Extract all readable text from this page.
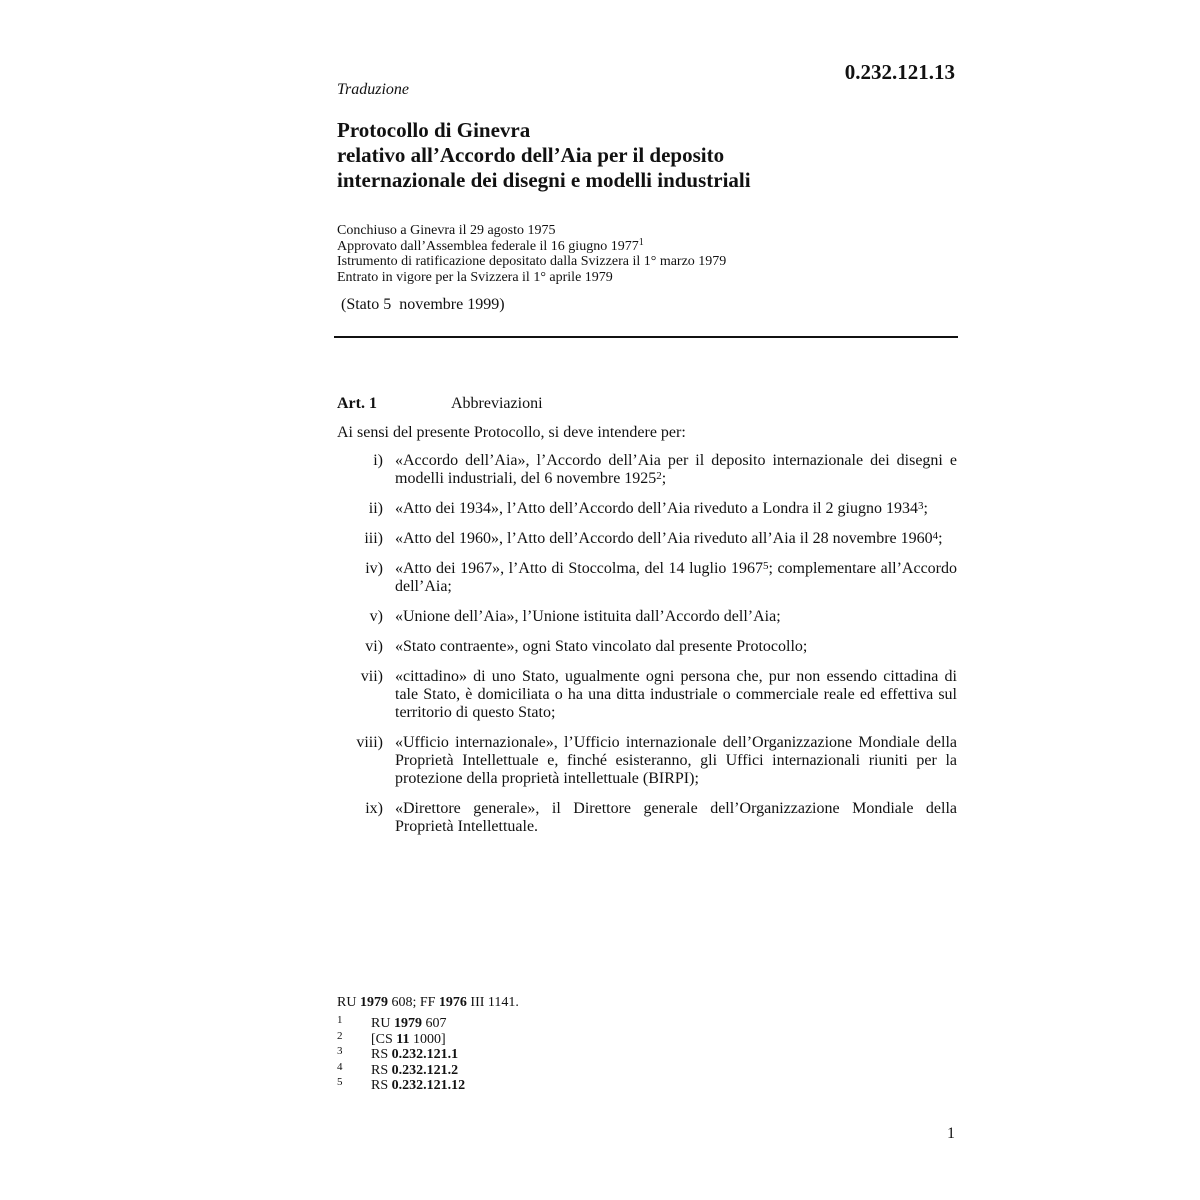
0.232.121.13
Traduzione
Protocollo di Ginevra
relativo all’Accordo dell’Aia per il deposito
internazionale dei disegni e modelli industriali
Conchiuso a Ginevra il 29 agosto 1975
Approvato dall’Assemblea federale il 16 giugno 1977$^1$
Istrumento di ratificazione depositato dalla Svizzera il 1° marzo 1979
Entrato in vigore per la Svizzera il 1° aprile 1979
(Stato 5  novembre 1999)
Art. 1	Abbreviazioni
Ai sensi del presente Protocollo, si deve intendere per:
i) «Accordo dell’Aia», l’Accordo dell’Aia per il deposito internazionale dei disegni e modelli industriali, del 6 novembre 1925$^2$;
ii) «Atto dei 1934», l’Atto dell’Accordo dell’Aia riveduto a Londra il 2 giugno 1934$^3$;
iii) «Atto del 1960», l’Atto dell’Accordo dell’Aia riveduto all’Aia il 28 novembre 1960$^4$;
iv) «Atto dei 1967», l’Atto di Stoccolma, del 14 luglio 1967$^5$; complementare all’Accordo dell’Aia;
v) «Unione dell’Aia», l’Unione istituita dall’Accordo dell’Aia;
vi) «Stato contraente», ogni Stato vincolato dal presente Protocollo;
vii) «cittadino» di uno Stato, ugualmente ogni persona che, pur non essendo cittadina di tale Stato, è domiciliata o ha una ditta industriale o commerciale reale ed effettiva sul territorio di questo Stato;
viii) «Ufficio internazionale», l’Ufficio internazionale dell’Organizzazione Mondiale della Proprietà Intellettuale e, finché esisteranno, gli Uffici internazionali riuniti per la protezione della proprietà intellettuale (BIRPI);
ix) «Direttore generale», il Direttore generale dell’Organizzazione Mondiale della Proprietà Intellettuale.
RU 1979 608; FF 1976 III 1141.
1 RU 1979 607
2 [CS 11 1000]
3 RS 0.232.121.1
4 RS 0.232.121.2
5 RS 0.232.121.12
1
